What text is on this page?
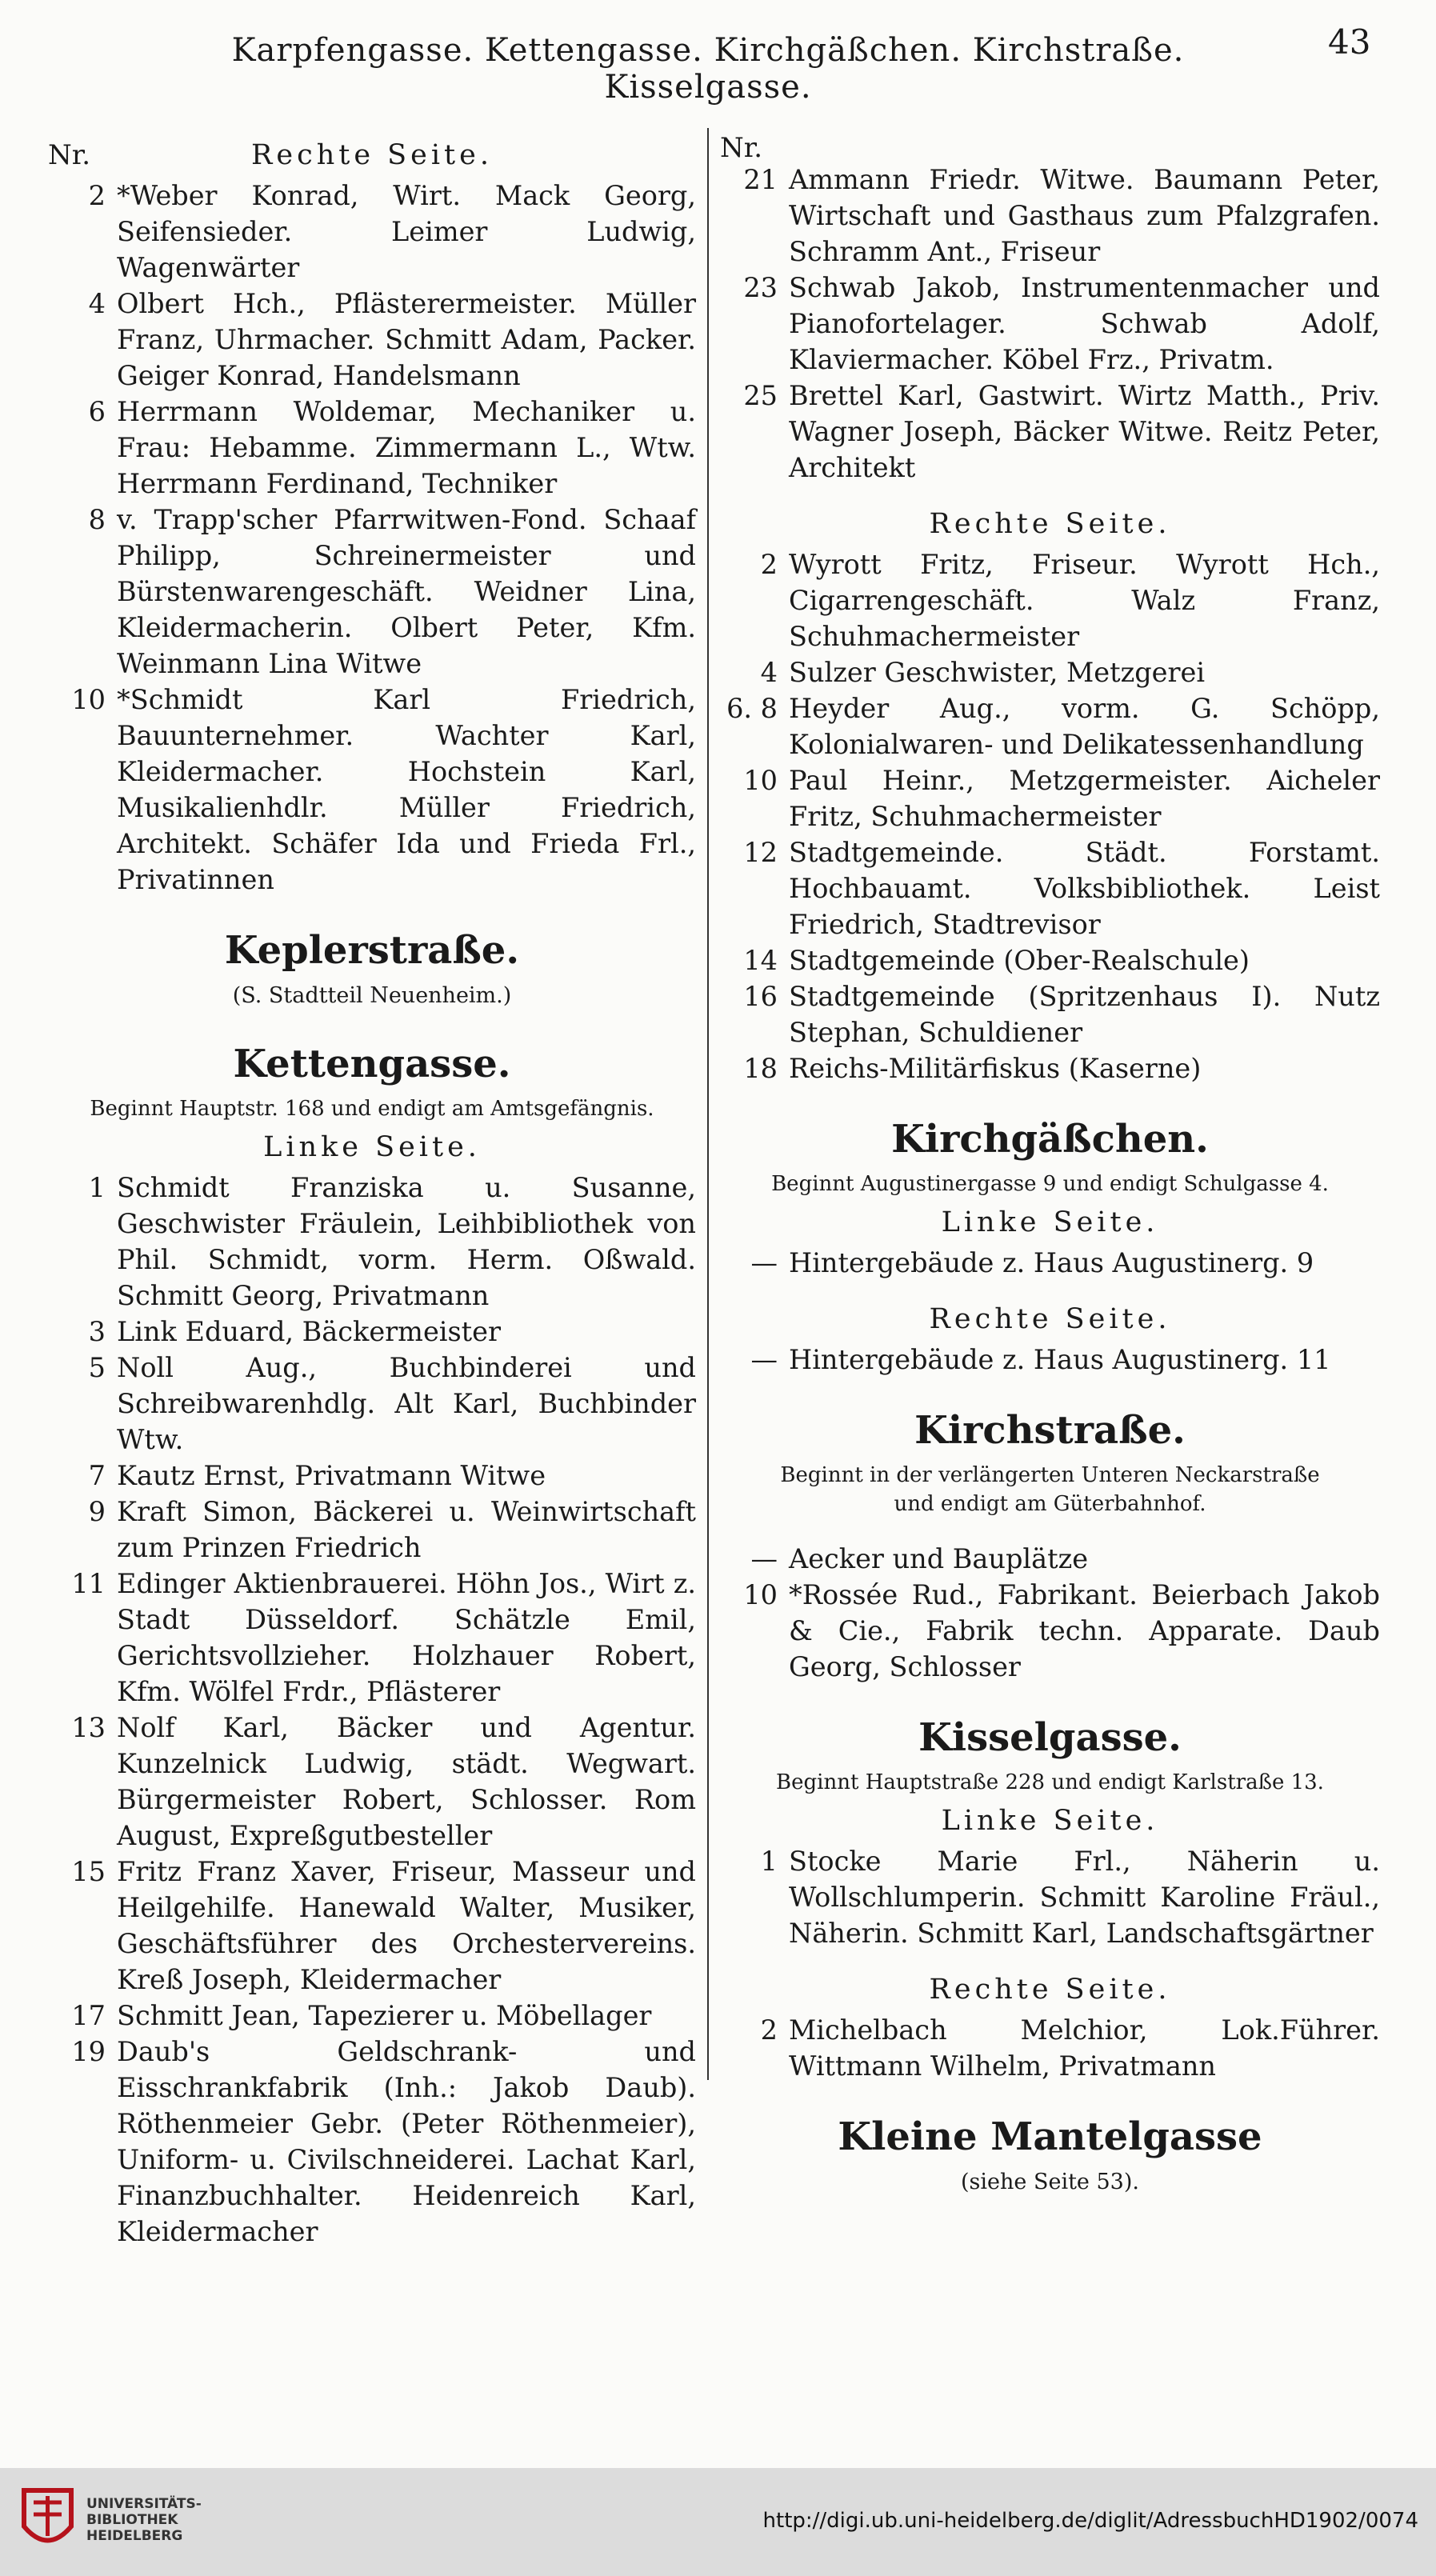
Karpfengasse. Kettengasse. Kirchgäßchen. Kirchstraße. Kisselgasse.
43
Nr.	Rechte Seite.
2 *Weber Konrad, Wirt. Mack Georg, Seifensieder. Leimer Ludwig, Wagenwärter
4 Olbert Hch., Pflästerermeister. Müller Franz, Uhrmacher. Schmitt Adam, Packer. Geiger Konrad, Handelsmann
6 Herrmann Woldemar, Mechaniker u. Frau: Hebamme. Zimmermann L., Wtw. Herrmann Ferdinand, Techniker
8 v. Trapp'scher Pfarrwitwen-Fond. Schaaf Philipp, Schreinermeister und Bürstenwarengeschäft. Weidner Lina, Kleidermacherin. Olbert Peter, Kfm. Weinmann Lina Witwe
10 *Schmidt Karl Friedrich, Bauunternehmer. Wachter Karl, Kleidermacher. Hochstein Karl, Musikalienhdlr. Müller Friedrich, Architekt. Schäfer Ida und Frieda Frl., Privatinnen
Keplerstraße.
(S. Stadtteil Neuenheim.)
Kettengasse.
Beginnt Hauptstr. 168 und endigt am Amtsgefängnis.
Linke Seite.
1 Schmidt Franziska u. Susanne, Geschwister Fräulein, Leihbibliothek von Phil. Schmidt, vorm. Herm. Oßwald. Schmitt Georg, Privatmann
3 Link Eduard, Bäckermeister
5 Noll Aug., Buchbinderei und Schreibwarenhdlg. Alt Karl, Buchbinder Wtw.
7 Kautz Ernst, Privatmann Witwe
9 Kraft Simon, Bäckerei u. Weinwirtschaft zum Prinzen Friedrich
11 Edinger Aktienbrauerei. Höhn Jos., Wirt z. Stadt Düsseldorf. Schätzle Emil, Gerichtsvollzieher. Holzhauer Robert, Kfm. Wölfel Frdr., Pflästerer
13 Nolf Karl, Bäcker und Agentur. Kunzelnick Ludwig, städt. Wegwart. Bürgermeister Robert, Schlosser. Rom August, Expreßgutbesteller
15 Fritz Franz Xaver, Friseur, Masseur und Heilgehilfe. Hanewald Walter, Musiker, Geschäftsführer des Orchestervereins. Kreß Joseph, Kleidermacher
17 Schmitt Jean, Tapezierer u. Möbellager
19 Daub's Geldschrank- und Eisschrankfabrik (Inh.: Jakob Daub). Röthenmeier Gebr. (Peter Röthenmeier), Uniform- u. Civilschneiderei. Lachat Karl, Finanzbuchhalter. Heidenreich Karl, Kleidermacher
Nr.
21 Ammann Friedr. Witwe. Baumann Peter, Wirtschaft und Gasthaus zum Pfalzgrafen. Schramm Ant., Friseur
23 Schwab Jakob, Instrumentenmacher und Pianofortelager. Schwab Adolf, Klaviermacher. Köbel Frz., Privatm.
25 Brettel Karl, Gastwirt. Wirtz Matth., Priv. Wagner Joseph, Bäcker Witwe. Reitz Peter, Architekt
Rechte Seite.
2 Wyrott Fritz, Friseur. Wyrott Hch., Cigarrengeschäft. Walz Franz, Schuhmachermeister
4 Sulzer Geschwister, Metzgerei
6. 8 Heyder Aug., vorm. G. Schöpp, Kolonialwaren- und Delikatessenhandlung
10 Paul Heinr., Metzgermeister. Aicheler Fritz, Schuhmachermeister
12 Stadtgemeinde. Städt. Forstamt. Hochbauamt. Volksbibliothek. Leist Friedrich, Stadtrevisor
14 Stadtgemeinde (Ober-Realschule)
16 Stadtgemeinde (Spritzenhaus I). Nutz Stephan, Schuldiener
18 Reichs-Militärfiskus (Kaserne)
Kirchgäßchen.
Beginnt Augustinergasse 9 und endigt Schulgasse 4.
Linke Seite.
— Hintergebäude z. Haus Augustinerg. 9
Rechte Seite.
— Hintergebäude z. Haus Augustinerg. 11
Kirchstraße.
Beginnt in der verlängerten Unteren Neckarstraße und endigt am Güterbahnhof.
— Aecker und Bauplätze
10 *Rossée Rud., Fabrikant. Beierbach Jakob & Cie., Fabrik techn. Apparate. Daub Georg, Schlosser
Kisselgasse.
Beginnt Hauptstraße 228 und endigt Karlstraße 13.
Linke Seite.
1 Stocke Marie Frl., Näherin u. Wollschlumperin. Schmitt Karoline Fräul., Näherin. Schmitt Karl, Landschaftsgärtner
Rechte Seite.
2 Michelbach Melchior, Lok.Führer. Wittmann Wilhelm, Privatmann
Kleine Mantelgasse
(siehe Seite 53).
UNIVERSITÄTS-
BIBLIOTHEK
HEIDELBERG
http://digi.ub.uni-heidelberg.de/diglit/AdressbuchHD1902/0074
